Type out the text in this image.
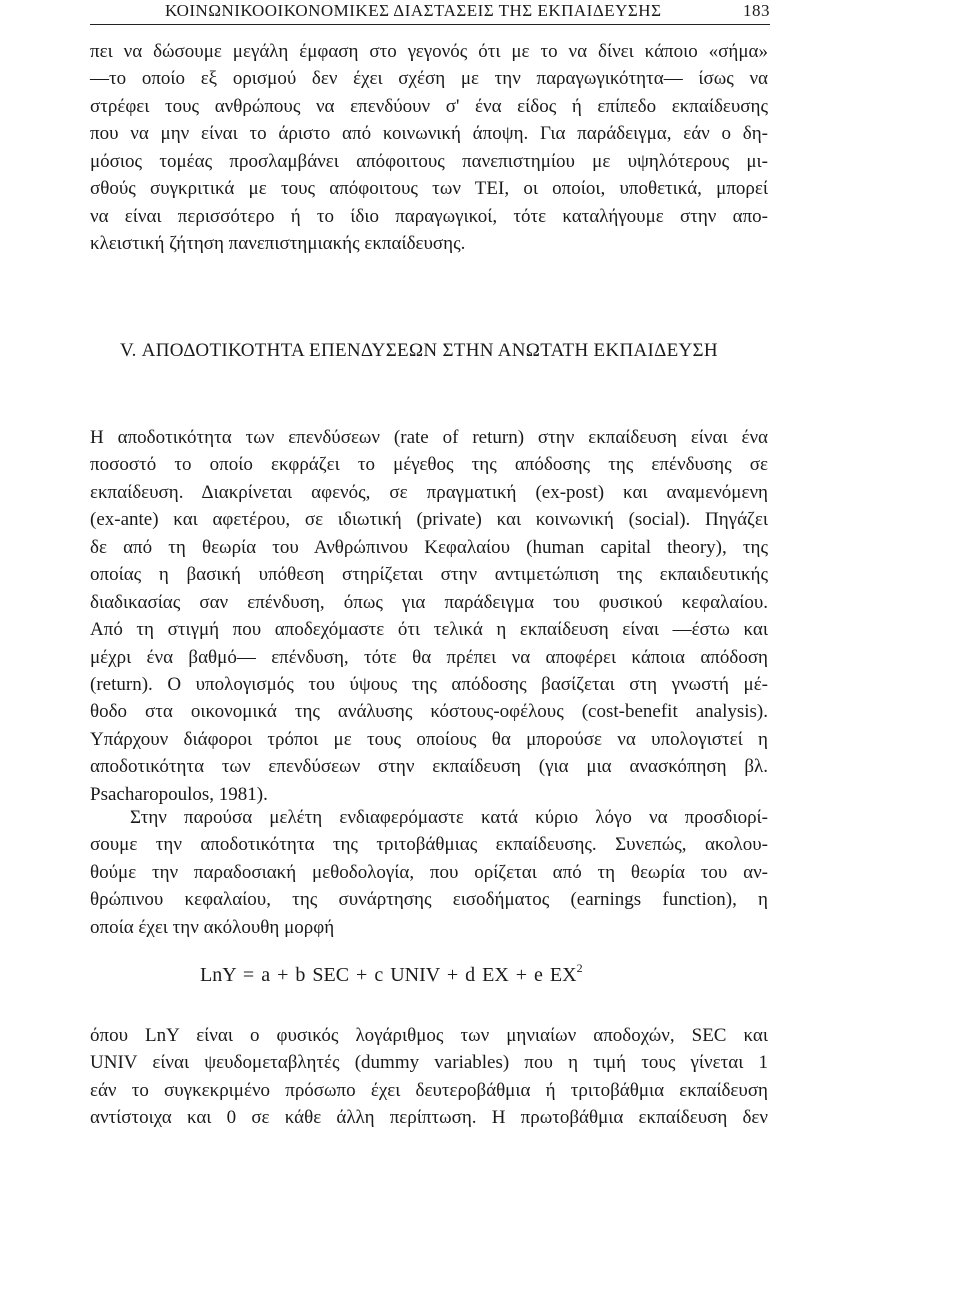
ΚΟΙΝΩΝΙΚΟΟΙΚΟΝΟΜΙΚΕΣ ΔΙΑΣΤΑΣΕΙΣ ΤΗΣ ΕΚΠΑΙΔΕΥΣΗΣ	183
πει να δώσουμε μεγάλη έμφαση στο γεγονός ότι με το να δίνει κάποιο «σήμα»
—το οποίο εξ ορισμού δεν έχει σχέση με την παραγωγικότητα— ίσως να
στρέφει τους ανθρώπους να επενδύουν σ' ένα είδος ή επίπεδο εκπαίδευσης
που να μην είναι το άριστο από κοινωνική άποψη. Για παράδειγμα, εάν ο δη-
μόσιος τομέας προσλαμβάνει απόφοιτους πανεπιστημίου με υψηλότερους μι-
σθούς συγκριτικά με τους απόφοιτους των ΤΕΙ, οι οποίοι, υποθετικά, μπορεί
να είναι περισσότερο ή το ίδιο παραγωγικοί, τότε καταλήγουμε στην απο-
κλειστική ζήτηση πανεπιστημιακής εκπαίδευσης.
V. ΑΠΟΔΟΤΙΚΟΤΗΤΑ ΕΠΕΝΔΥΣΕΩΝ ΣΤΗΝ ΑΝΩΤΑΤΗ ΕΚΠΑΙΔΕΥΣΗ
Η αποδοτικότητα των επενδύσεων (rate of return) στην εκπαίδευση είναι ένα
ποσοστό το οποίο εκφράζει το μέγεθος της απόδοσης της επένδυσης σε
εκπαίδευση. Διακρίνεται αφενός, σε πραγματική (ex-post) και αναμενόμενη
(ex-ante) και αφετέρου, σε ιδιωτική (private) και κοινωνική (social). Πηγάζει
δε από τη θεωρία του Ανθρώπινου Κεφαλαίου (human capital theory), της
οποίας η βασική υπόθεση στηρίζεται στην αντιμετώπιση της εκπαιδευτικής
διαδικασίας σαν επένδυση, όπως για παράδειγμα του φυσικού κεφαλαίου.
Από τη στιγμή που αποδεχόμαστε ότι τελικά η εκπαίδευση είναι —έστω και
μέχρι ένα βαθμό— επένδυση, τότε θα πρέπει να αποφέρει κάποια απόδοση
(return). Ο υπολογισμός του ύψους της απόδοσης βασίζεται στη γνωστή μέ-
θοδο στα οικονομικά της ανάλυσης κόστους-οφέλους (cost-benefit analysis).
Υπάρχουν διάφοροι τρόποι με τους οποίους θα μπορούσε να υπολογιστεί η
αποδοτικότητα των επενδύσεων στην εκπαίδευση (για μια ανασκόπηση βλ.
Psacharopoulos, 1981).
Στην παρούσα μελέτη ενδιαφερόμαστε κατά κύριο λόγο να προσδιορί-
σουμε την αποδοτικότητα της τριτοβάθμιας εκπαίδευσης. Συνεπώς, ακολου-
θούμε την παραδοσιακή μεθοδολογία, που ορίζεται από τη θεωρία του αν-
θρώπινου κεφαλαίου, της συνάρτησης εισοδήματος (earnings function), η
οποία έχει την ακόλουθη μορφή
LnY = a + b SEC + c UNIV + d EX + e $EX^2$
όπου LnY είναι ο φυσικός λογάριθμος των μηνιαίων αποδοχών, SEC και
UNIV είναι ψευδομεταβλητές (dummy variables) που η τιμή τους γίνεται 1
εάν το συγκεκριμένο πρόσωπο έχει δευτεροβάθμια ή τριτοβάθμια εκπαίδευση
αντίστοιχα και 0 σε κάθε άλλη περίπτωση. Η πρωτοβάθμια εκπαίδευση δεν
